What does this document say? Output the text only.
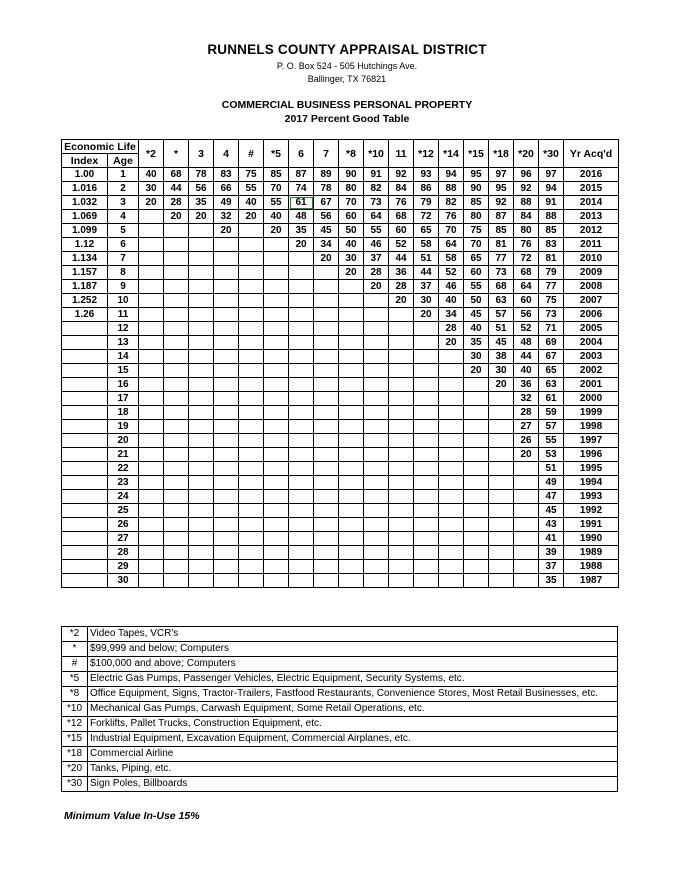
RUNNELS COUNTY APPRAISAL DISTRICT
P. O. Box 524 - 505 Hutchings Ave.
Ballinger, TX 76821
COMMERCIAL BUSINESS PERSONAL PROPERTY
2017 Percent Good Table
Economic Life		*2	*	3	4	#	*5	6	7	*8	*10	11	*12	*14	*15	*18	*20	*30	Yr Acq'd
Index	Age																		
1.00	1	40	68	78	83	75	85	87	89	90	91	92	93	94	95	97	96	97	2016
1.016	2	30	44	56	66	55	70	74	78	80	82	84	86	88	90	95	92	94	2015
1.032	3	20	28	35	49	40	55	61	67	70	73	76	79	82	85	92	88	91	2014
1.069	4		20	20	32	20	40	48	56	60	64	68	72	76	80	87	84	88	2013
1.099	5				20		20	35	45	50	55	60	65	70	75	85	80	85	2012
1.12	6							20	34	40	46	52	58	64	70	81	76	83	2011
1.134	7								20	30	37	44	51	58	65	77	72	81	2010
1.157	8									20	28	36	44	52	60	73	68	79	2009
1.187	9										20	28	37	46	55	68	64	77	2008
1.252	10											20	30	40	50	63	60	75	2007
1.26	11												20	34	45	57	56	73	2006
	12													28	40	51	52	71	2005
	13													20	35	45	48	69	2004
	14														30	38	44	67	2003
	15														20	30	40	65	2002
	16															20	36	63	2001
	17																32	61	2000
	18																28	59	1999
	19																27	57	1998
	20																26	55	1997
	21																20	53	1996
	22																	51	1995
	23																	49	1994
	24																	47	1993
	25																	45	1992
	26																	43	1991
	27																	41	1990
	28																	39	1989
	29																	37	1988
	30																	35	1987
*2	Video Tapes, VCR's
*	$99,999 and below; Computers
#	$100,000 and above; Computers
*5	Electric Gas Pumps, Passenger Vehicles, Electric Equipment, Security Systems, etc.
*8	Office Equipment, Signs, Tractor-Trailers, Fastfood Restaurants, Convenience Stores, Most Retail Businesses, etc.
*10	Mechanical Gas Pumps, Carwash Equipment, Some Retail Operations, etc.
*12	Forklifts, Pallet Trucks, Construction Equipment, etc.
*15	Industrial Equipment, Excavation Equipment, Commercial Airplanes, etc.
*18	Commercial Airline
*20	Tanks, Piping, etc.
*30	Sign Poles, Billboards
Minimum Value In-Use 15%
